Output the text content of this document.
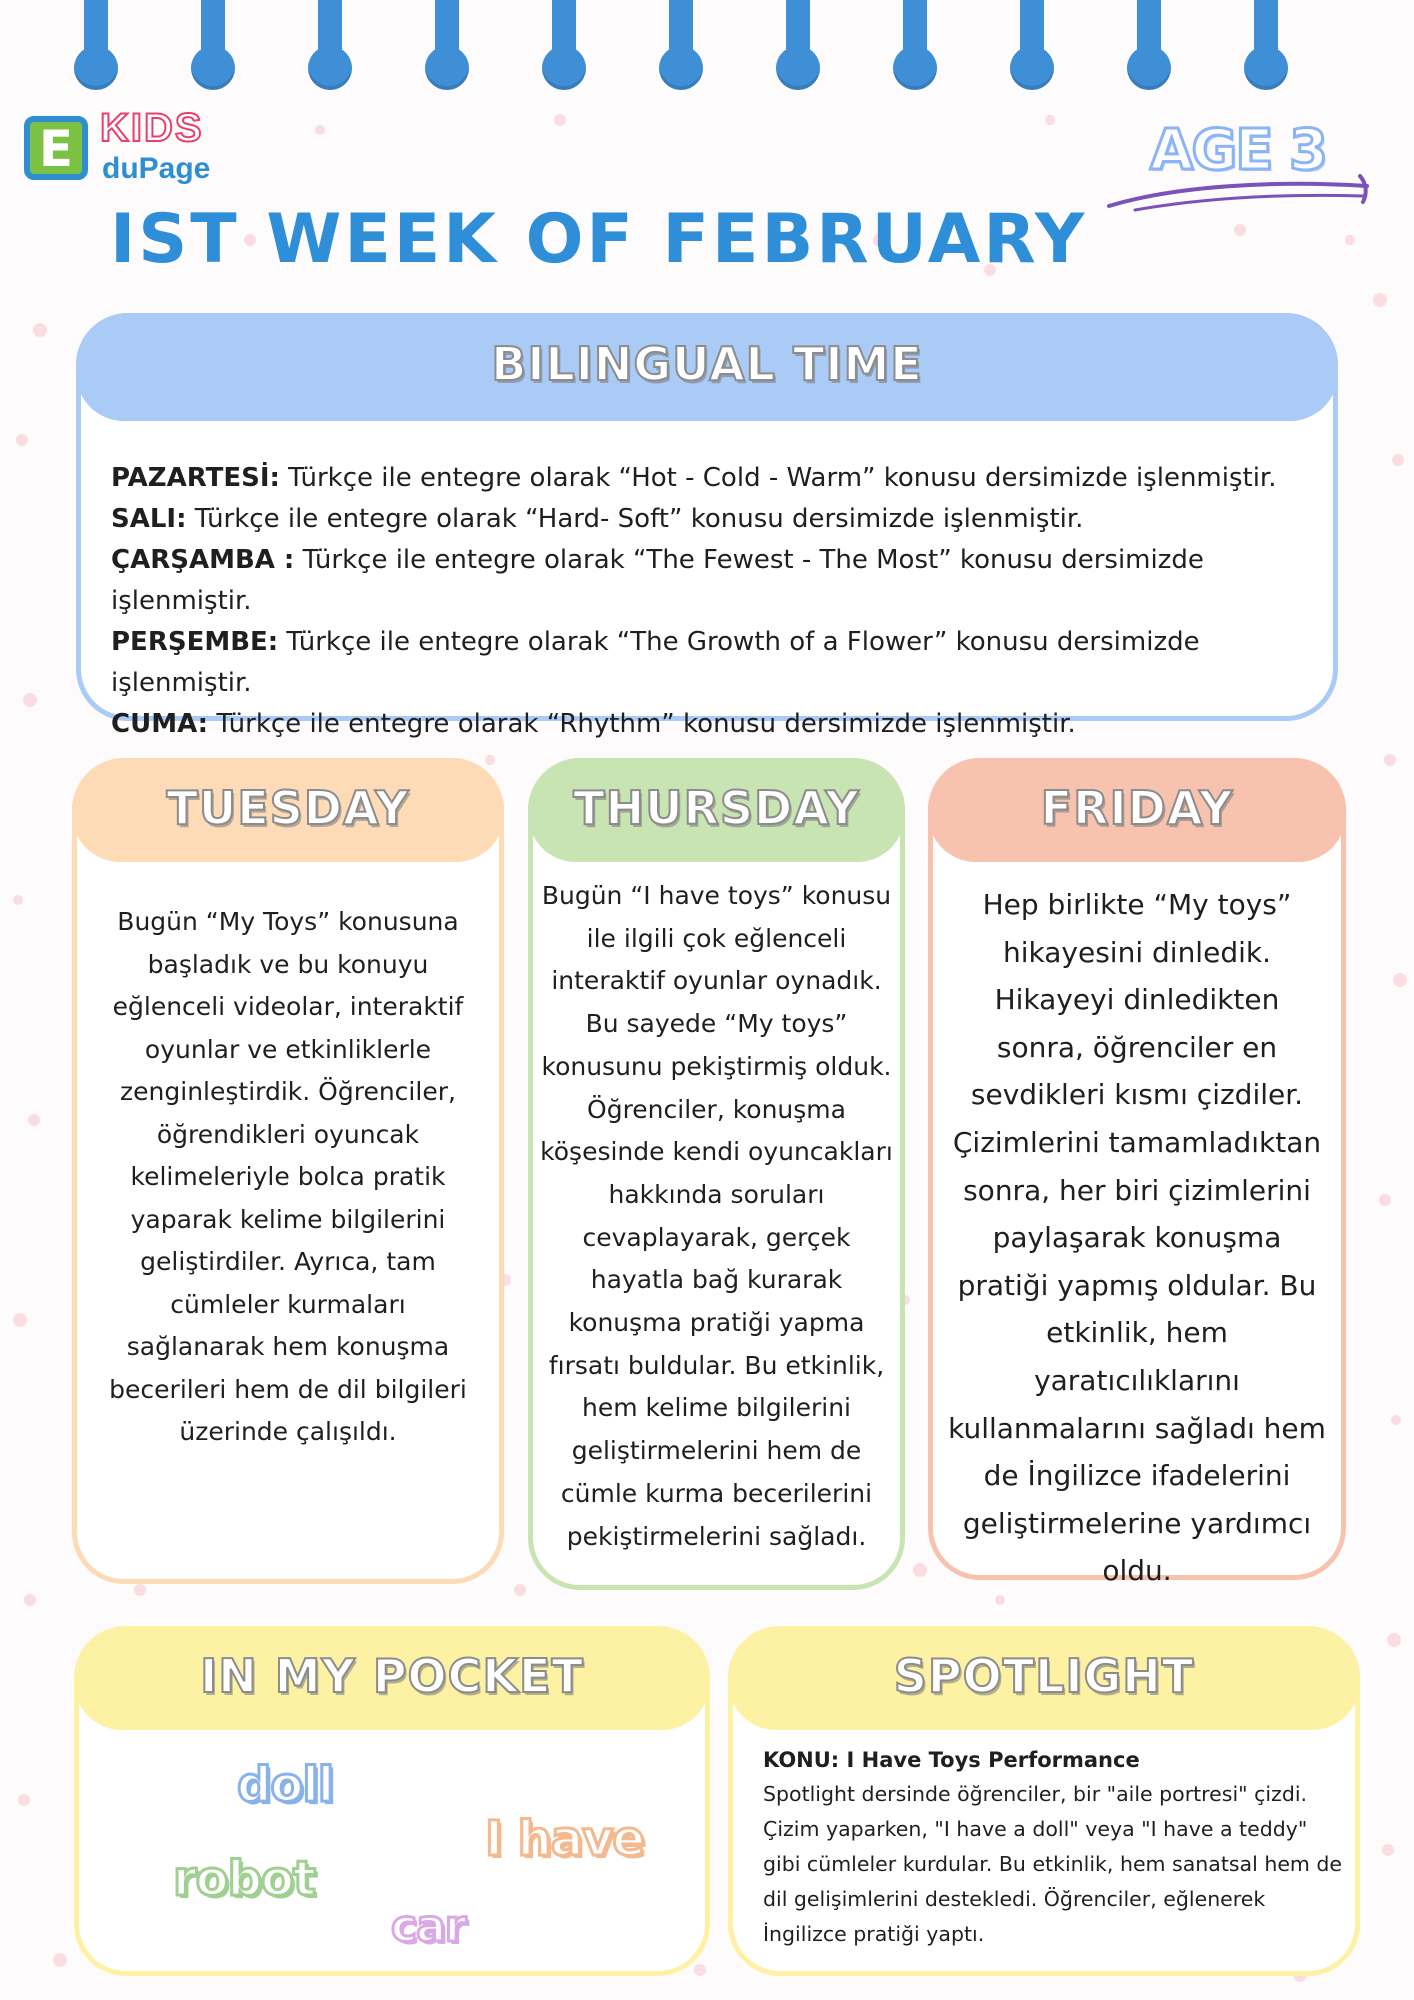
E KIDS
duPage	AGE 3
IST WEEK OF FEBRUARY
BILINGUAL TIME

PAZARTESİ: Türkçe ile entegre olarak “Hot - Cold - Warm” konusu dersimizde işlenmiştir.

SALI: Türkçe ile entegre olarak “Hard- Soft” konusu dersimizde işlenmiştir.

ÇARŞAMBA : Türkçe ile entegre olarak “The Fewest - The Most” konusu dersimizde işlenmiştir.

PERŞEMBE: Türkçe ile entegre olarak “The Growth of a Flower” konusu dersimizde işlenmiştir.

CUMA: Türkçe ile entegre olarak “Rhythm” konusu dersimizde işlenmiştir.

TUESDAY
Bugün “My Toys” konusuna başladık ve bu konuyu eğlenceli videolar, interaktif oyunlar ve etkinliklerle zenginleştirdik. Öğrenciler, öğrendikleri oyuncak kelimeleriyle bolca pratik yaparak kelime bilgilerini geliştirdiler. Ayrıca, tam cümleler kurmaları sağlanarak hem konuşma becerileri hem de dil bilgileri üzerinde çalışıldı.
THURSDAY
Bugün “I have toys” konusu ile ilgili çok eğlenceli interaktif oyunlar oynadık. Bu sayede “My toys” konusunu pekiştirmiş olduk. Öğrenciler, konuşma köşesinde kendi oyuncakları hakkında soruları cevaplayarak, gerçek hayatla bağ kurarak konuşma pratiği yapma fırsatı buldular. Bu etkinlik, hem kelime bilgilerini geliştirmelerini hem de cümle kurma becerilerini pekiştirmelerini sağladı.
FRIDAY
Hep birlikte “My toys” hikayesini dinledik. Hikayeyi dinledikten sonra, öğrenciler en sevdikleri kısmı çizdiler. Çizimlerini tamamladıktan sonra, her biri çizimlerini paylaşarak konuşma pratiği yapmış oldular. Bu etkinlik, hem yaratıcılıklarını kullanmalarını sağladı hem de İngilizce ifadelerini geliştirmelerine yardımcı oldu.
IN MY POCKET
doll
I have
robot
car
SPOTLIGHT
KONU: I Have Toys Performance
Spotlight dersinde öğrenciler, bir "aile portresi" çizdi. Çizim yaparken, "I have a doll" veya "I have a teddy" gibi cümleler kurdular. Bu etkinlik, hem sanatsal hem de dil gelişimlerini destekledi. Öğrenciler, eğlenerek İngilizce pratiği yaptı.
